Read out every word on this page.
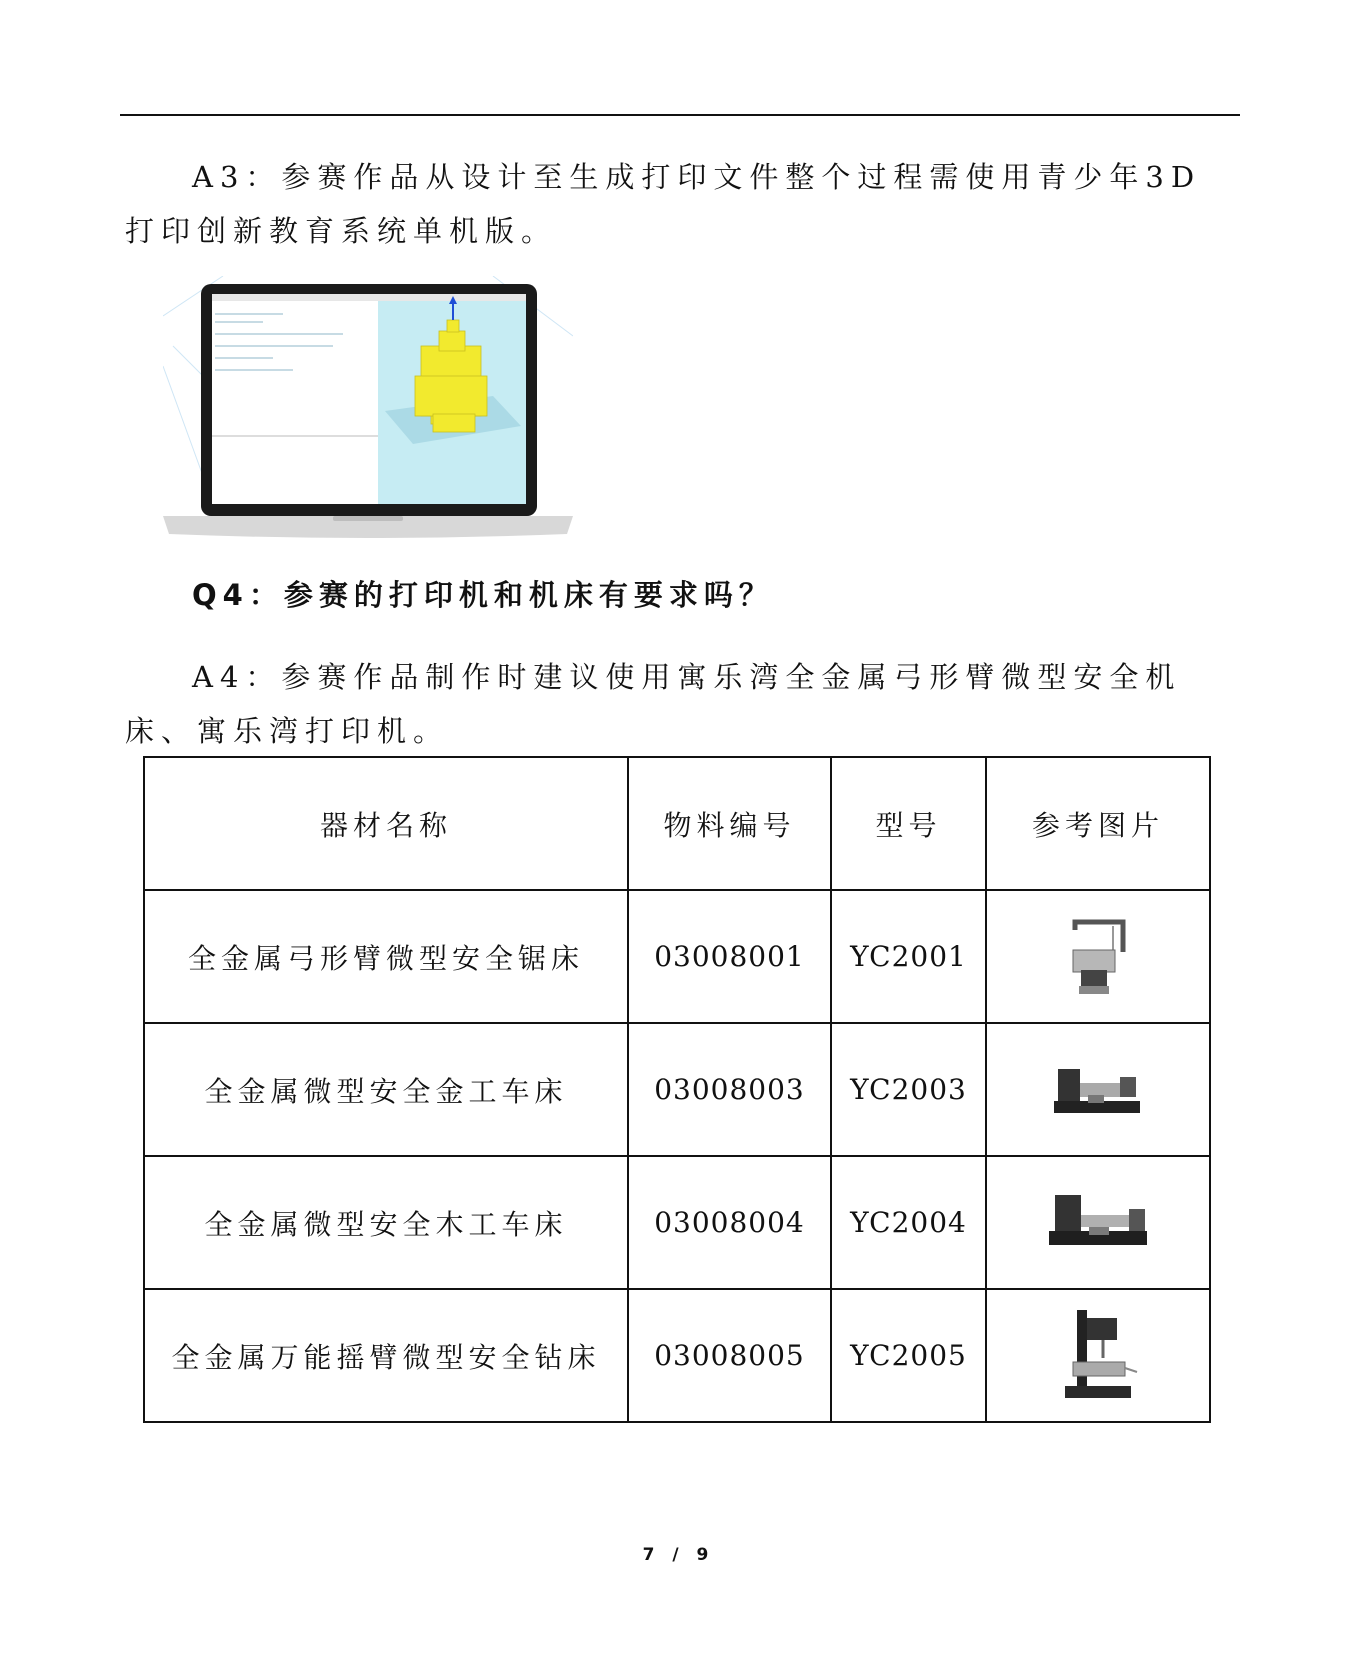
A3：参赛作品从设计至生成打印文件整个过程需使用青少年3D打印创新教育系统单机版。

Q4：参赛的打印机和机床有要求吗？

A4：参赛作品制作时建议使用寓乐湾全金属弓形臂微型安全机床、寓乐湾打印机。

器材名称	物料编号	型号	参考图片
全金属弓形臂微型安全锯床	03008001	YC2001	

全金属微型安全金工车床	03008003	YC2003	

全金属微型安全木工车床	03008004	YC2004	

全金属万能摇臂微型安全钻床	03008005	YC2005	
7 / 9
